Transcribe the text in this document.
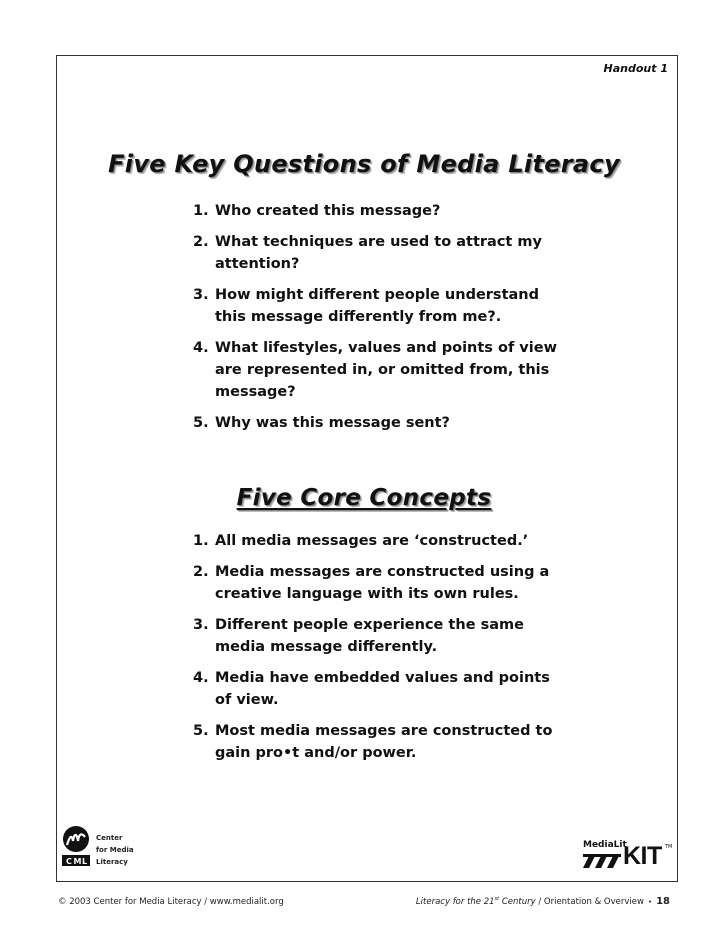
Handout 1
Five Key Questions of Media Literacy
1. Who created this message?
2. What techniques are used to attract my attention?
3. How might different people understand this message differently from me?.
4. What lifestyles, values and points of view are represented in, or omitted from, this message?
5. Why was this message sent?
Five Core Concepts
1. All media messages are ‘constructed.’
2. Media messages are constructed using a creative language with its own rules.
3. Different people experience the same media message differently.
4. Media have embedded values and points of view.
5. Most media messages are constructed to gain pro•t and/or power.
C M L
Center
for Media
Literacy
MediaLit
KIT TM
© 2003 Center for Media Literacy / www.medialit.org	Literacy for the 21st Century / Orientation & Overview • 18
